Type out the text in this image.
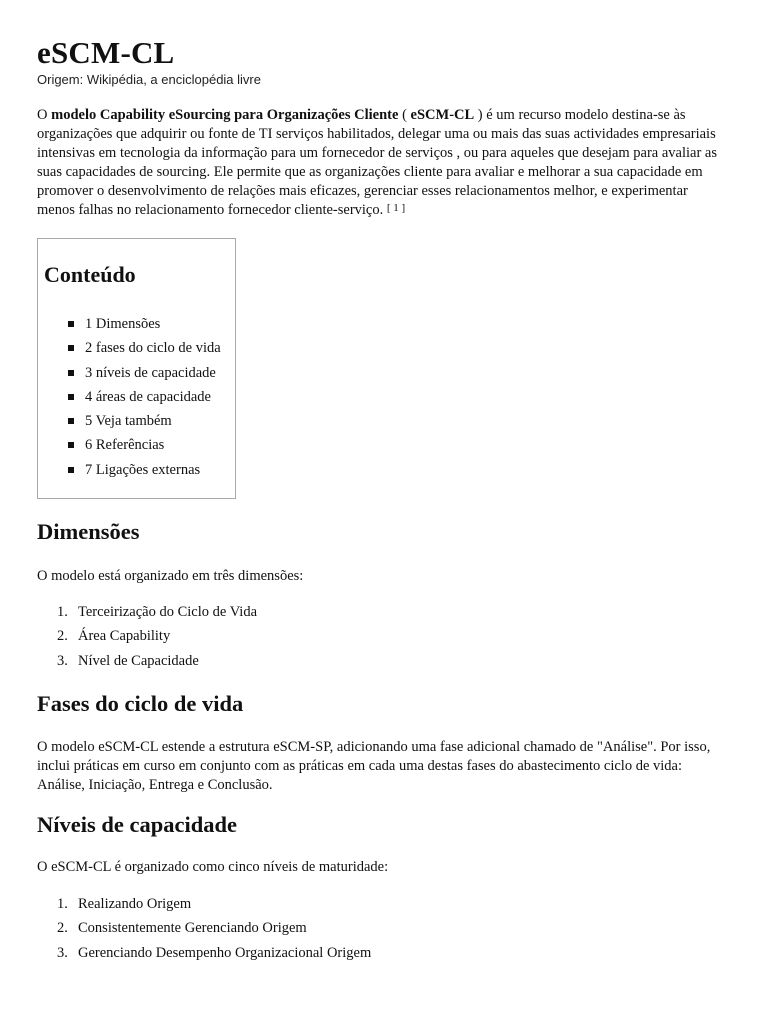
eSCM-CL
Origem: Wikipédia, a enciclopédia livre
O modelo Capability eSourcing para Organizações Cliente ( eSCM-CL ) é um recurso modelo destina-se às organizações que adquirir ou fonte de TI serviços habilitados, delegar uma ou mais das suas actividades empresariais intensivas em tecnologia da informação para um fornecedor de serviços , ou para aqueles que desejam para avaliar as suas capacidades de sourcing. Ele permite que as organizações cliente para avaliar e melhorar a sua capacidade em promover o desenvolvimento de relações mais eficazes, gerenciar esses relacionamentos melhor, e experimentar menos falhas no relacionamento fornecedor cliente-serviço. [ 1 ]
Conteúdo
1 Dimensões
2 fases do ciclo de vida
3 níveis de capacidade
4 áreas de capacidade
5 Veja também
6 Referências
7 Ligações externas
Dimensões

O modelo está organizado em três dimensões:

1. Terceirização do Ciclo de Vida
2. Área Capability
3. Nível de Capacidade
Fases do ciclo de vida

O modelo eSCM-CL estende a estrutura eSCM-SP, adicionando uma fase adicional chamado de "Análise". Por isso, inclui práticas em curso em conjunto com as práticas em cada uma destas fases do abastecimento ciclo de vida: Análise, Iniciação, Entrega e Conclusão.

Níveis de capacidade

O eSCM-CL é organizado como cinco níveis de maturidade:

1. Realizando Origem
2. Consistentemente Gerenciando Origem
3. Gerenciando Desempenho Organizacional Origem
